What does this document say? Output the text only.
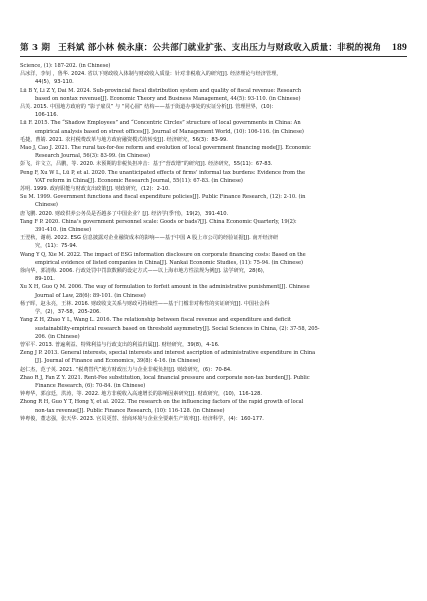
第 3 期 王科斌 部小林 候永康：公共部门就业扩张、支出压力与财政收入质量：非税的视角	189

Science, (1): 187-202. (in Chinese)

吕冰洋，李钊 ，鲁华. 2024. 省以下财政收入体制与财政收入质量：针对非税收入的研究[J]. 经济理论与经济管理，
44(5)，93-110.

Lü B Y, Li Z Y, Dai M. 2024. Sub-provincial fiscal distribution system and quality of fiscal revenue: Research
based on nontax revenue[J]. Economic Theory and Business Management, 44(5): 93-110. (in Chinese)

吕芙. 2015. 中国地方政府的 “影子雇员” 与 “同心圆” 结构——基于街道办事处的实证分析[J]. 管理世界，(10)：
106-116.

Lü F. 2015. The “Shadow Employees” and “Concentric Circles” structure of local governments in China: An
empirical analysis based on street offices[J]. Journal of Management World, (10): 106-116. (in Chinese)

毛捷，曹婧. 2021. 农村税费改革与地方政府融资模式的转变[J]. 经济研究，56(3)：83-99.

Mao J, Cao J. 2021. The rural tax-for-fee reform and evolution of local government financing mode[J]. Economic
Research Journal, 56(3): 83-99. (in Chinese)

彭飞，许文立，吕鹏，等. 2020. 未预期的非税负担冲击：基于“营改增”的研究[J]. 经济研究，55(11)：67-83.

Peng F, Xu W L, Lü P, et al. 2020. The unanticipated effects of firms’ informal tax burdens: Evidence from the
VAT reform in China[J]. Economic Research Journal, 55(11): 67-83. (in Chinese)

苏明. 1999. 政府职能与财政支出政策[J]. 财政研究，(12)：2-10.

Su M. 1999. Government functions and fiscal expenditure policies[J]. Public Finance Research, (12): 2-10. (in
Chinese)

唐飞鹏. 2020. 财政供养公务员是否越多了中国企业？[J]. 经济学(季刊)，19(2)，391-410.

Tang F P. 2020. China’s government personnel scale: Goods or bads?[J]. China Economic Quarterly, 19(2):
391-410. (in Chinese)

王翌秋，谢萌. 2022. ESG 信息披露对企业融资成本的影响——基于中国 A 股上市公司的经验证据[J]. 南开经济研
究，(11)：75-94.

Wang Y Q, Xie M. 2022. The impact of ESG information disclosure on corporate financing costs: Based on the
empirical evidence of listed companies in China[J]. Nankai Economic Studies, (11): 75-94. (in Chinese)

徐向华，郭清梅. 2006. 行政处罚中罚款数额的设定方式——以上海市地方性法规为例[J]. 法学研究，28(6)，
89-101.

Xu X H, Guo Q M. 2006. The way of formulation to forfeit amount in the administrative punishment[J]. Chinese
Journal of Law, 28(6): 89-101. (in Chinese)

杨子晖，赵永亮，王林. 2016. 财政收支关系与财政可持续性——基于门槛非对称性的实证研究[J]. 中国社会科
学，(2)，37-58，205-206.

Yang Z H, Zhao Y L, Wang L. 2016. The relationship between fiscal revenue and expenditure and deficit
sustainability-empirical research based on threshold asymmetry[J]. Social Sciences in China, (2): 37-58, 205-
206. (in Chinese)

曾军平. 2013. 普遍利益、特殊利益与行政支出的利益归属[J]. 财经研究，39(8)，4-16.

Zeng J P. 2013. General interests, special interests and interest ascription of administrative expenditure in China
[J]. Journal of Finance and Economics, 39(8): 4-16. (in Chinese)

赵仁杰，范子英. 2021. “税费替代”地方财政压力与企业非税负担[J]. 财政研究，(6)：70-84.

Zhao R J, Fan Z Y. 2021. Rent-Fee substitution, local financial pressure and corporate non-tax burden[J]. Public
Finance Research, (6): 70-84. (in Chinese)

钟粤华，郭彦廷，洪涛，等. 2022. 地方非税收入高速增长的影响因素研究[J]. 财政研究，(10)，116-128.

Zhong R H, Guo Y T, Hong Y, et al. 2022. The research on the influencing factors of the rapid growth of local
non-tax revenue[J]. Public Finance Research, (10): 116-128. (in Chinese)

钟粤俊，董志强，张天华. 2023. 官员更替、营商环境与企业全要素生产效率[J]. 经济科学，(4)：160-177.
